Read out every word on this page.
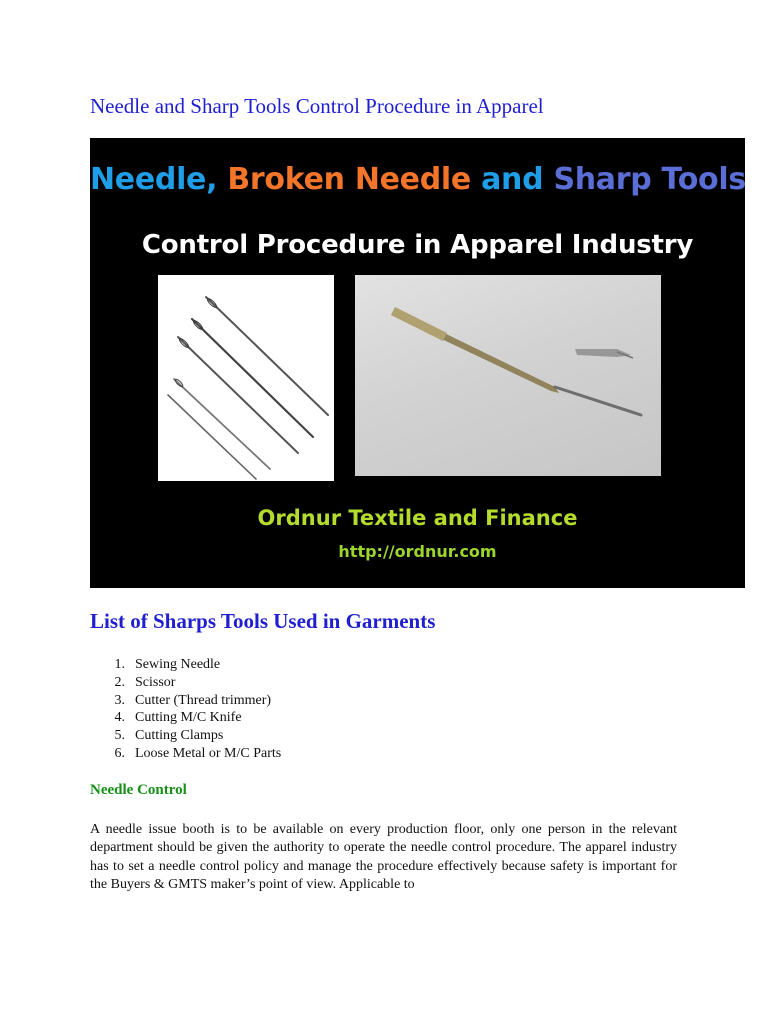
Needle and Sharp Tools Control Procedure in Apparel
Needle, Broken Needle and Sharp Tools
Control Procedure in Apparel Industry
Ordnur Textile and Finance
http://ordnur.com
List of Sharps Tools Used in Garments
1. Sewing Needle
2. Scissor
3. Cutter (Thread trimmer)
4. Cutting M/C Knife
5. Cutting Clamps
6. Loose Metal or M/C Parts
Needle Control

A needle issue booth is to be available on every production floor, only one person in the relevant department should be given the authority to operate the needle control procedure. The apparel industry has to set a needle control policy and manage the procedure effectively because safety is important for the Buyers & GMTS maker’s point of view. Applicable to
